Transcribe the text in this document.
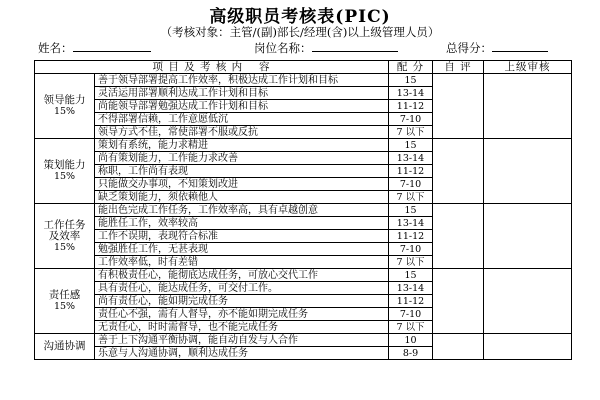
高级职员考核表(PIC)
（考核对象：主管/(副)部长/经理(含)以上级管理人员）
姓名：	岗位名称：	总得分：
项 目 及 考 核 内　 容		配 分	自 评	上级审核

领导能力
15%	善于领导部署提高工作效率，积极达成工作计划和目标	15		
	灵活运用部署顺利达成工作计划和目标	13-14		
	尚能领导部署勉强达成工作计划和目标	11-12		
	不得部署信赖，工作意愿低沉	7-10		
	领导方式不佳，常使部署不服或反抗	7 以下		

策划能力
15%	策划有系统，能力求精进	15		
	尚有策划能力，工作能力求改善	13-14		
	称职，工作尚有表现	11-12		
	只能做交办事项，不知策划改进	7-10		
	缺乏策划能力，须依赖他人	7 以下		

工作任务
及效率
15%	能出色完成工作任务，工作效率高，具有卓越创意	15		
	能胜任工作，效率较高	13-14		
	工作不误期，表现符合标准	11-12		
	勉强胜任工作，无甚表现	7-10		
	工作效率低，时有差错	7 以下		

责任感
15%	有积极责任心，能彻底达成任务，可放心交代工作	15		
	具有责任心，能达成任务，可交付工作。	13-14		
	尚有责任心，能如期完成任务	11-12		
	责任心不强，需有人督导，亦不能如期完成任务	7-10		
	无责任心，时时需督导，也不能完成任务	7 以下		

沟通协调	善于上下沟通平衡协调，能自动自发与人合作	10		
	乐意与人沟通协调，顺利达成任务	8-9		
